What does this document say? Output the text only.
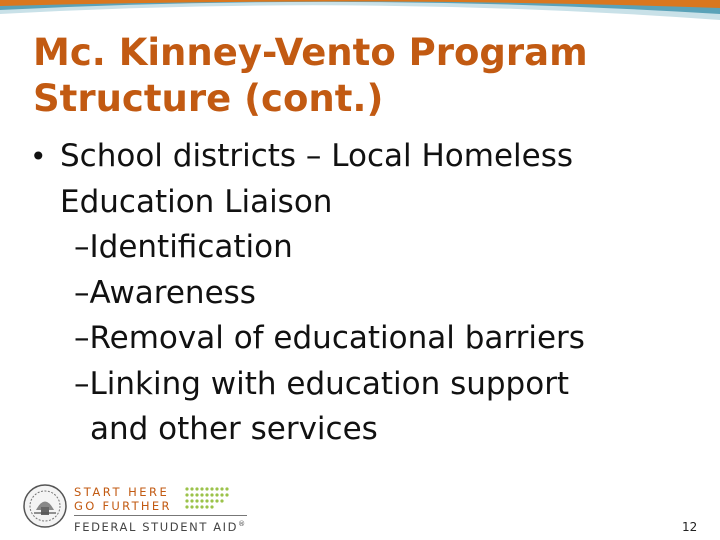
Mc. Kinney-Vento Program
Structure (cont.)
• School districts – Local Homeless
Education Liaison
–Identification
–Awareness
–Removal of educational barriers
–Linking with education support
and other services
START HERE
GO FURTHER
FEDERAL STUDENT AID®	12
